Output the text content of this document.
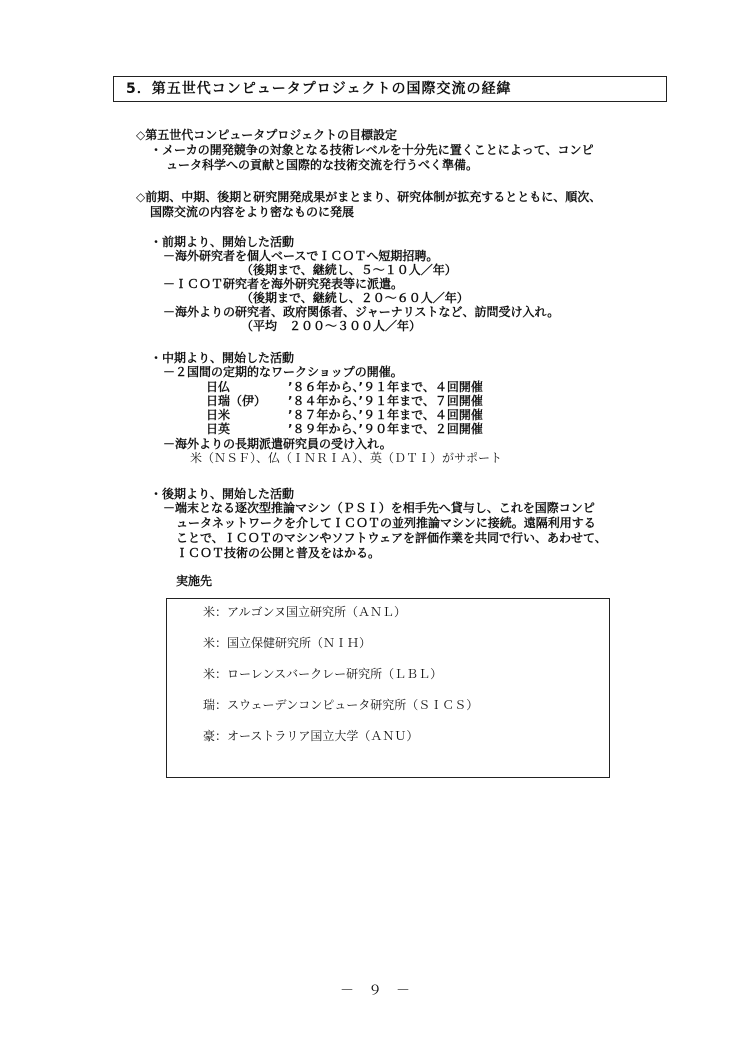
5．第五世代コンピュータプロジェクトの国際交流の経緯
◇第五世代コンピュータプロジェクトの目標設定
・メーカの開発競争の対象となる技術レベルを十分先に置くことによって、コンピ
ュータ科学への貢献と国際的な技術交流を行うべく準備。
◇前期、中期、後期と研究開発成果がまとまり、研究体制が拡充するとともに、順次、
国際交流の内容をより密なものに発展
・前期より、開始した活動
－海外研究者を個人ベースでＩＣＯＴへ短期招聘。
（後期まで、継続し、５～１０人／年）
－ＩＣＯＴ研究者を海外研究発表等に派遣。
（後期まで、継続し、２０～６０人／年）
－海外よりの研究者、政府関係者、ジャーナリストなど、訪問受け入れ。
（平均　２００～３００人／年）
・中期より、開始した活動
－２国間の定期的なワークショップの開催。
日仏	’８６年から、’９１年まで、４回開催
日瑞（伊） ’８４年から、’９１年まで、７回開催
日米	’８７年から、’９１年まで、４回開催
日英	’８９年から、’９０年まで、２回開催
－海外よりの長期派遣研究員の受け入れ。
米（ＮＳＦ）、仏（ＩＮＲＩＡ）、英（ＤＴＩ）がサポート
・後期より、開始した活動
－端末となる逐次型推論マシン（ＰＳＩ）を相手先へ貸与し、これを国際コンピ
ュータネットワークを介してＩＣＯＴの並列推論マシンに接続。遠隔利用する
ことで、ＩＣＯＴのマシンやソフトウェアを評価作業を共同で行い、あわせて、
ＩＣＯＴ技術の公開と普及をはかる。
実施先
米：アルゴンヌ国立研究所（ＡＮＬ）
米：国立保健研究所（ＮＩＨ）
米：ローレンスバークレー研究所（ＬＢＬ）
瑞：スウェーデンコンピュータ研究所（ＳＩＣＳ）
豪：オーストラリア国立大学（ＡＮＵ）
－　９　－
